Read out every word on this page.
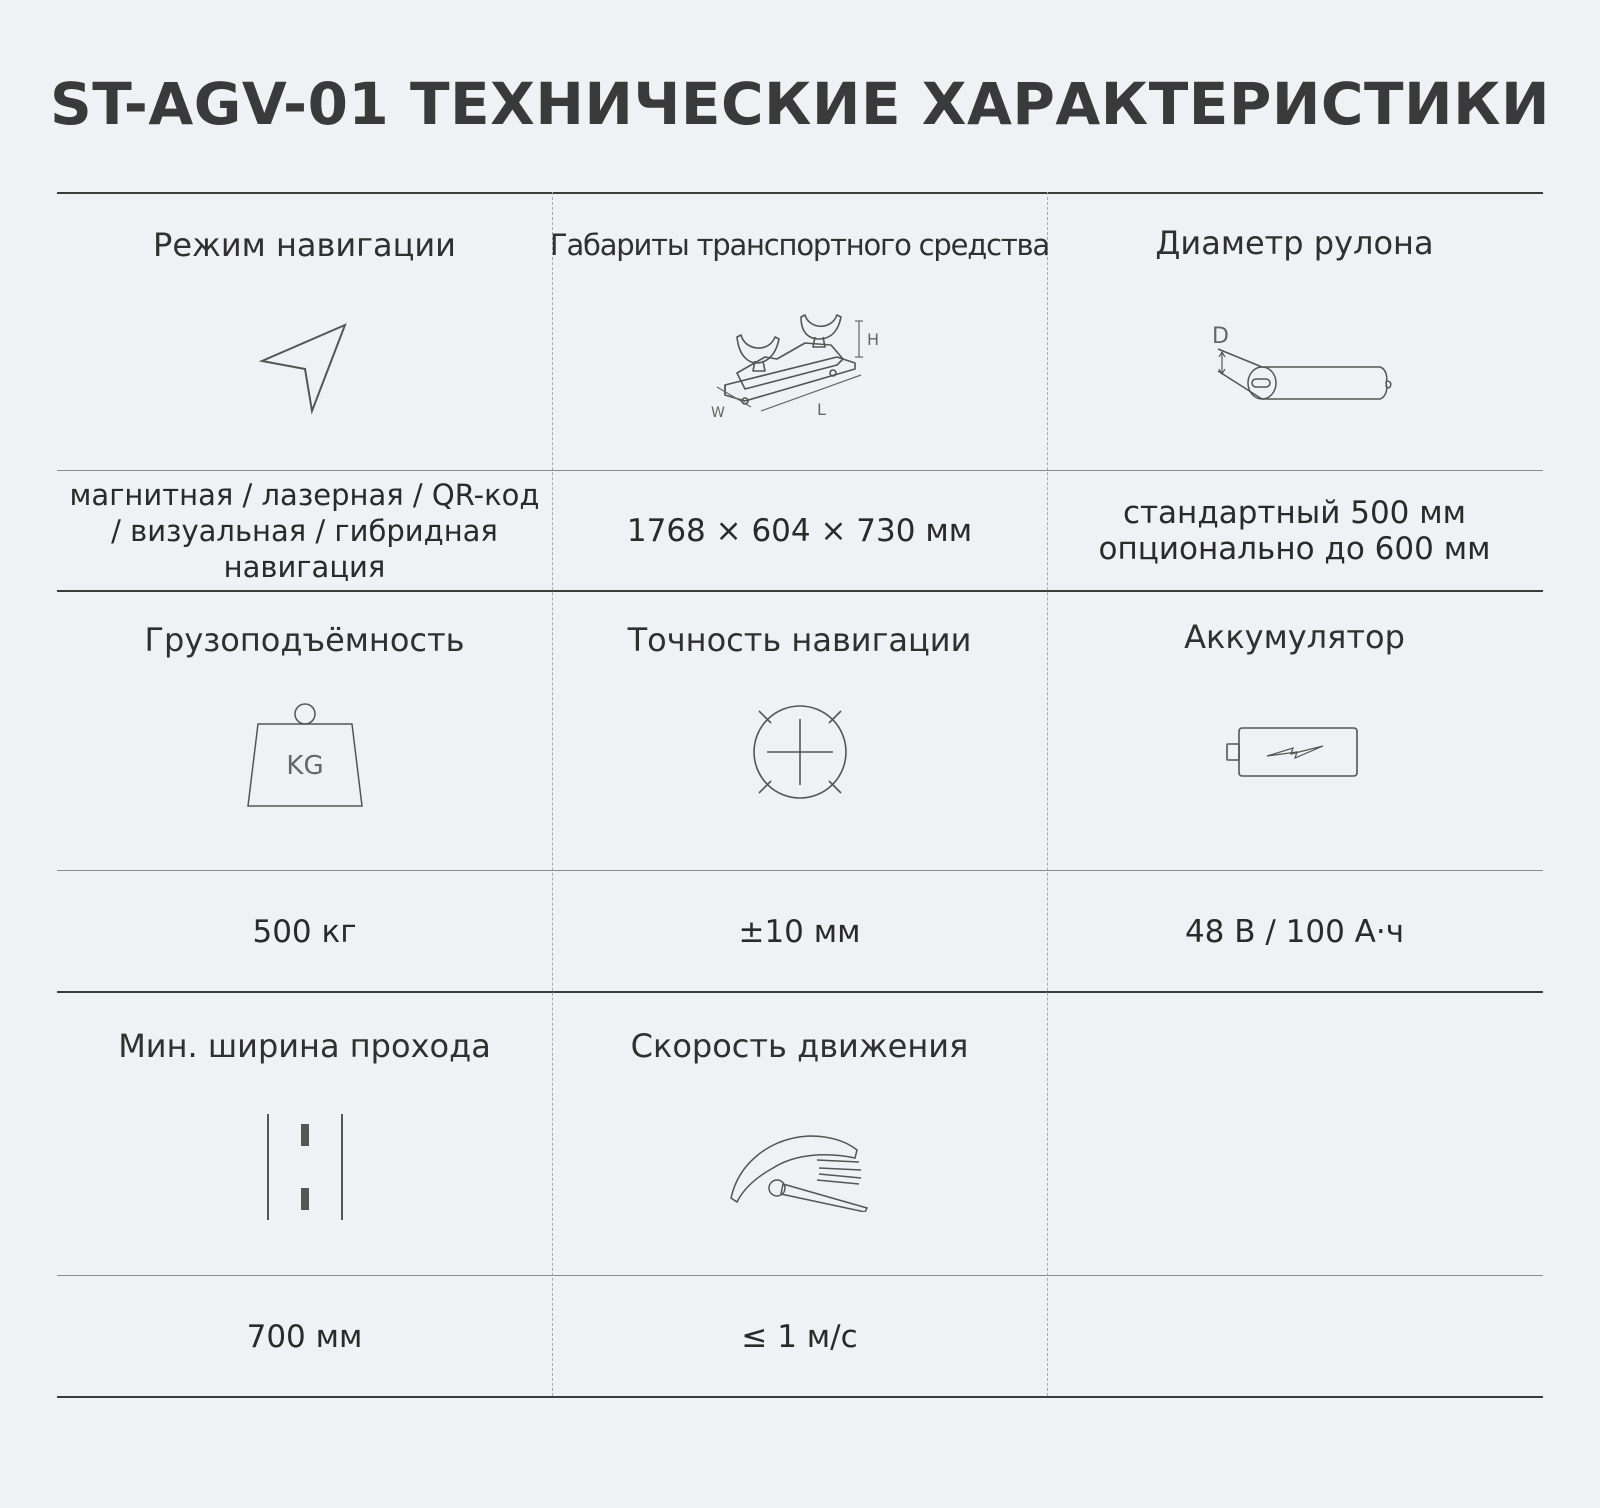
ST-AGV-01 ТЕХНИЧЕСКИЕ ХАРАКТЕРИСТИКИ
Режим навигации
магнитная / лазерная / QR-код / визуальная / гибридная навигация
Габариты транспортного средства
H
W	L
1768 × 604 × 730 мм
Диаметр рулона
D
стандартный 500 мм
опционально до 600 мм
Грузоподъёмность
KG
500 кг
Точность навигации
±10 мм
Аккумулятор
48 В / 100 А·ч
Мин. ширина прохода
700 мм
Скорость движения
≤ 1 м/с
